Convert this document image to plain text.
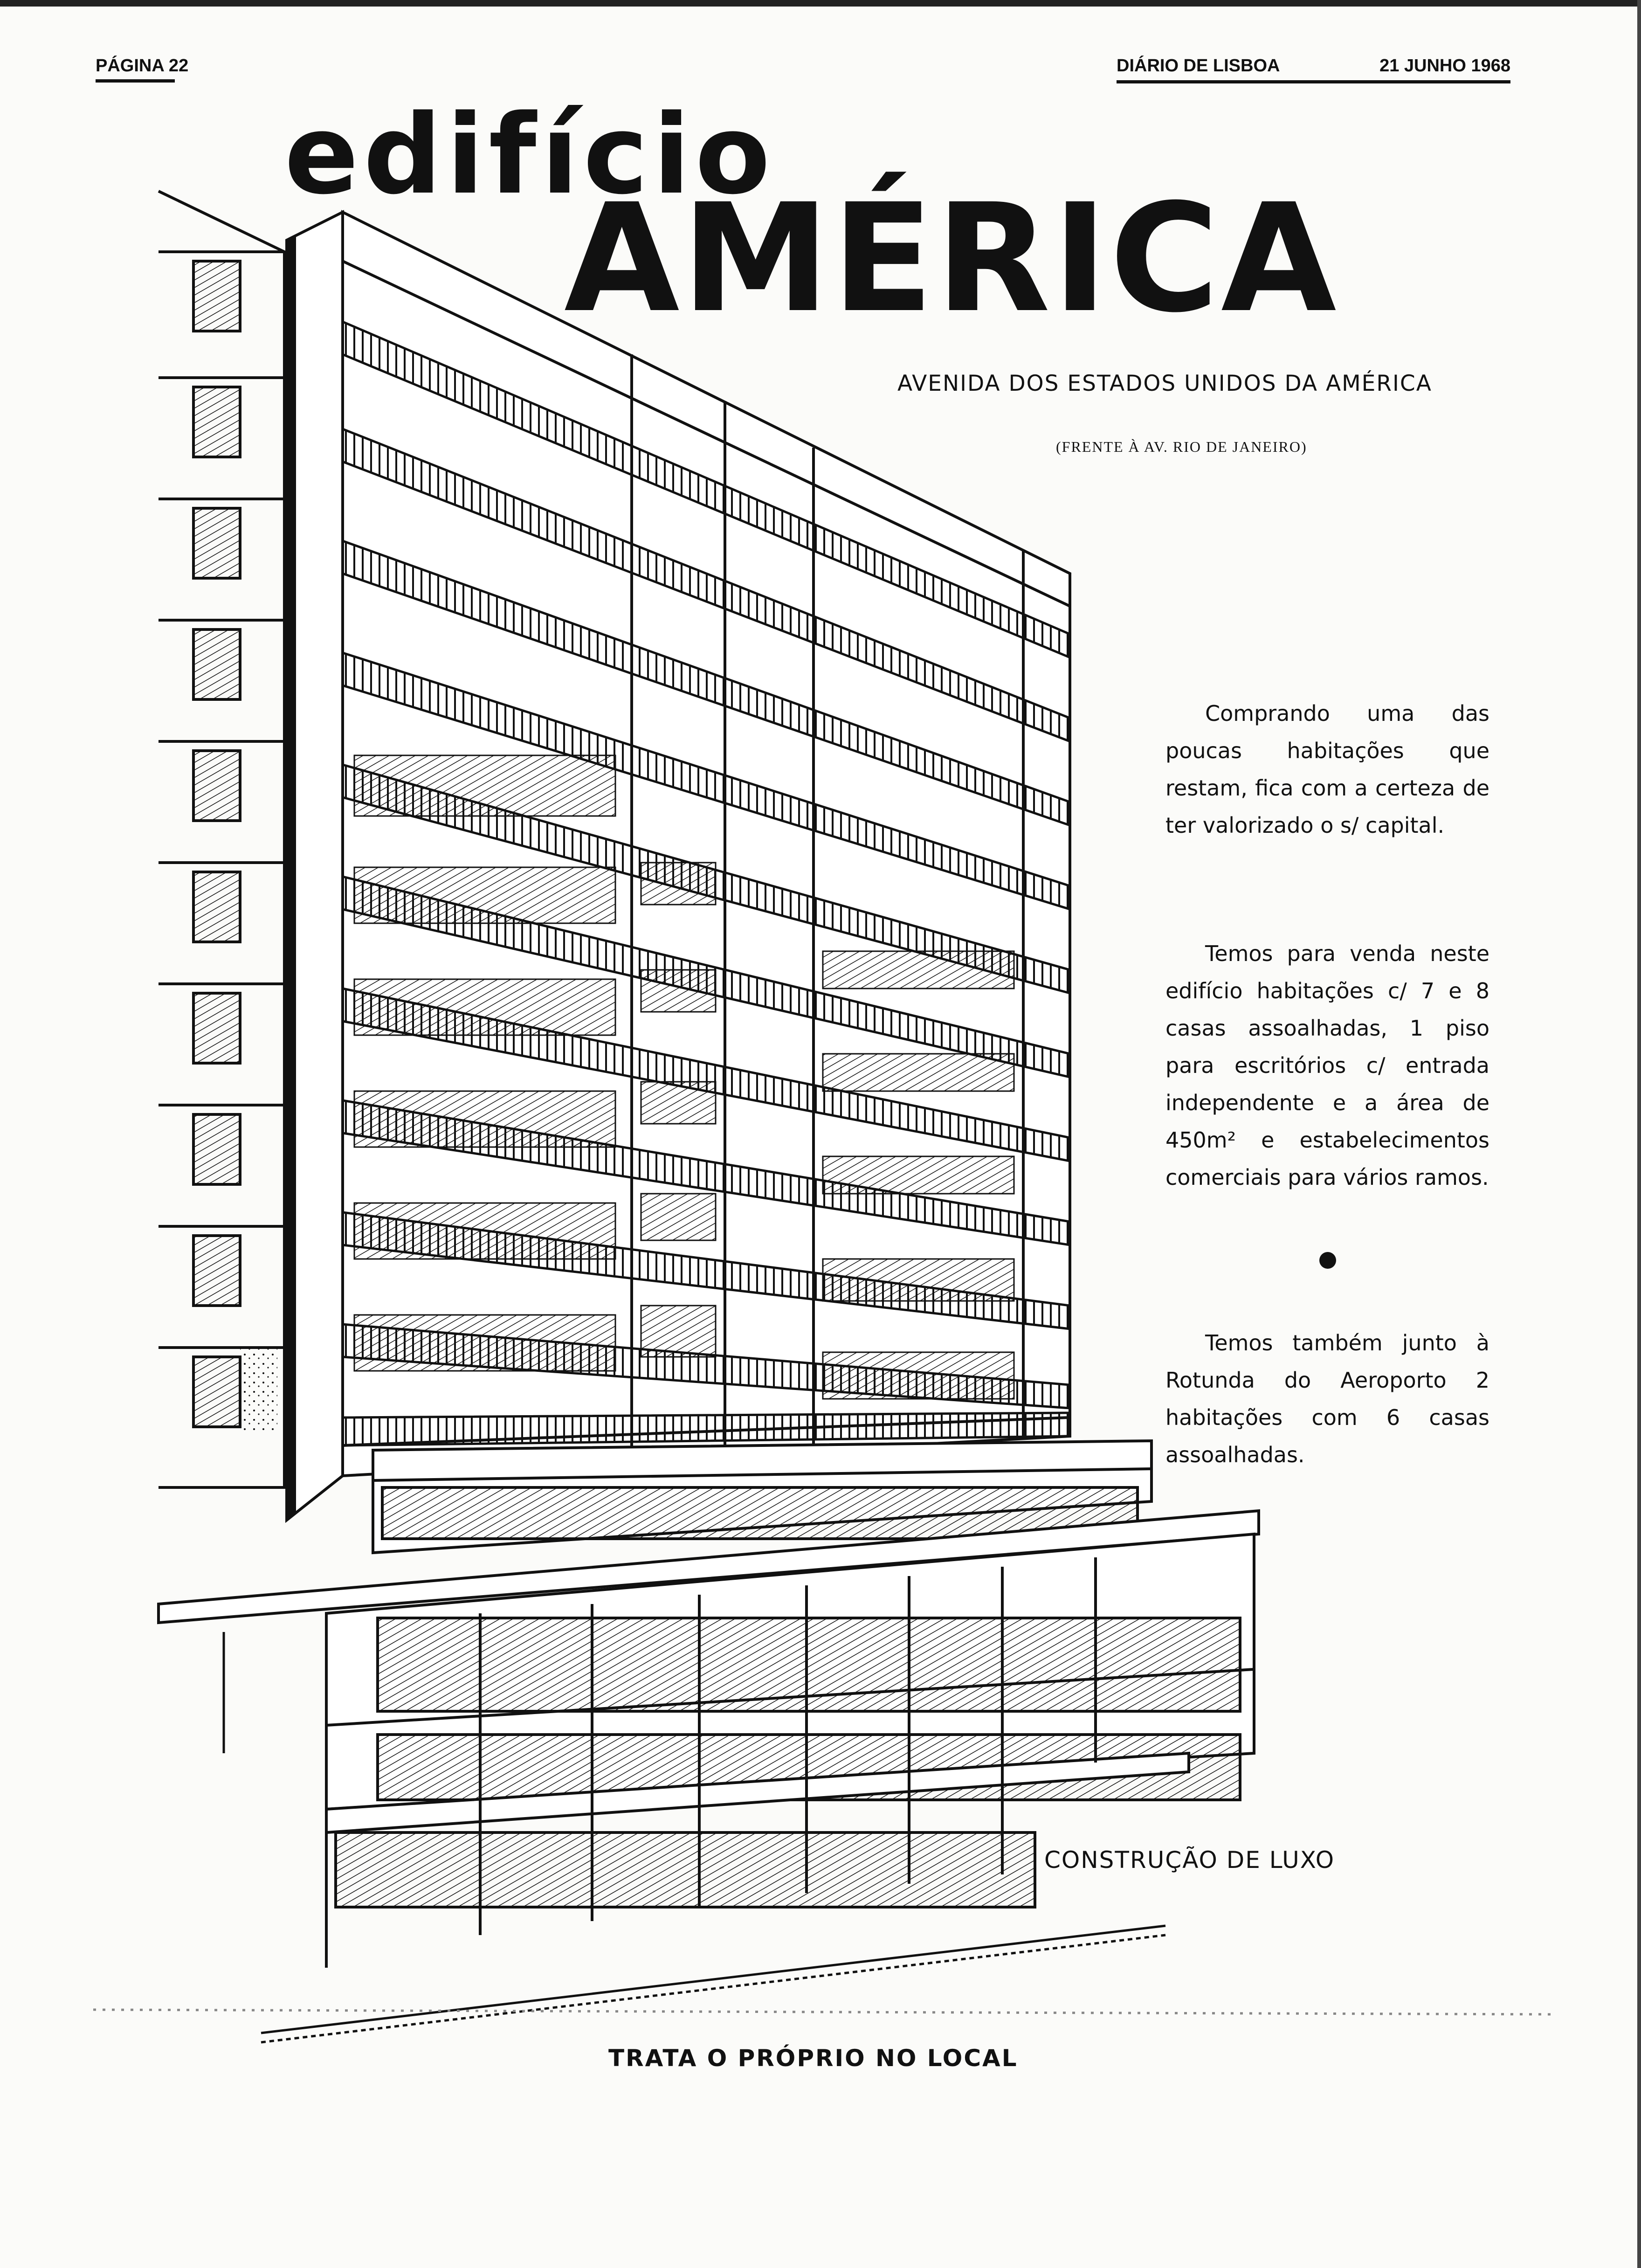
PÁGINA 22	DIÁRIO DE LISBOA	21 JUNHO 1968
edifício
AMÉRICA
AVENIDA DOS ESTADOS UNIDOS DA AMÉRICA
(FRENTE À AV. RIO DE JANEIRO)
Comprando uma das poucas habitações que restam, fica com a certeza de ter valorizado o s/ capital.
Temos para venda neste edifício habitações c/ 7 e 8 casas assoalhadas, 1 piso para escritórios c/ entrada independente e a área de 450m² e estabelecimentos comerciais para vários ramos.
Temos também junto à Rotunda do Aeroporto 2 habitações com 6 casas assoalhadas.
CONSTRUÇÃO DE LUXO
TRATA O PRÓPRIO NO LOCAL
